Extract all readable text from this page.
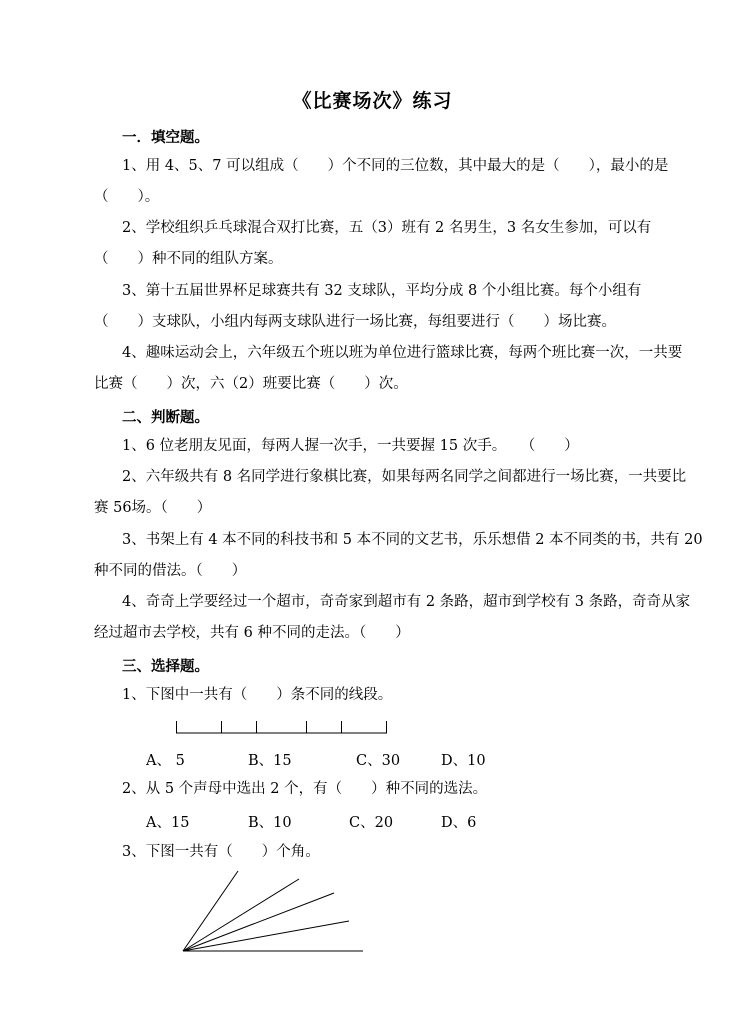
《比赛场次》练习
一．填空题。
1、用 4、5、7 可以组成（　　）个不同的三位数，其中最大的是（　　），最小的是
（　　）。
2、学校组织乒乓球混合双打比赛，五（3）班有 2 名男生，3 名女生参加，可以有
（　　）种不同的组队方案。
3、第十五届世界杯足球赛共有 32 支球队，平均分成 8 个小组比赛。每个小组有
（　　）支球队，小组内每两支球队进行一场比赛，每组要进行（　　）场比赛。
4、趣味运动会上，六年级五个班以班为单位进行篮球比赛，每两个班比赛一次，一共要
比赛（　　）次，六（2）班要比赛（　　）次。
二、判断题。
1、6 位老朋友见面，每两人握一次手，一共要握 15 次手。　　（　　）
2、六年级共有 8 名同学进行象棋比赛，如果每两名同学之间都进行一场比赛，一共要比
赛 56场。（　　）
3、书架上有 4 本不同的科技书和 5 本不同的文艺书，乐乐想借 2 本不同类的书，共有 20
种不同的借法。（　　）
4、奇奇上学要经过一个超市，奇奇家到超市有 2 条路，超市到学校有 3 条路，奇奇从家
经过超市去学校，共有 6 种不同的走法。（　　）
三、选择题。
1、下图中一共有（　　）条不同的线段。
A、 5	B、15	C、30	D、10
2、从 5 个声母中选出 2 个，有（　　）种不同的选法。
A、15	B、10	C、20	D、6
3、下图一共有（　　）个角。
